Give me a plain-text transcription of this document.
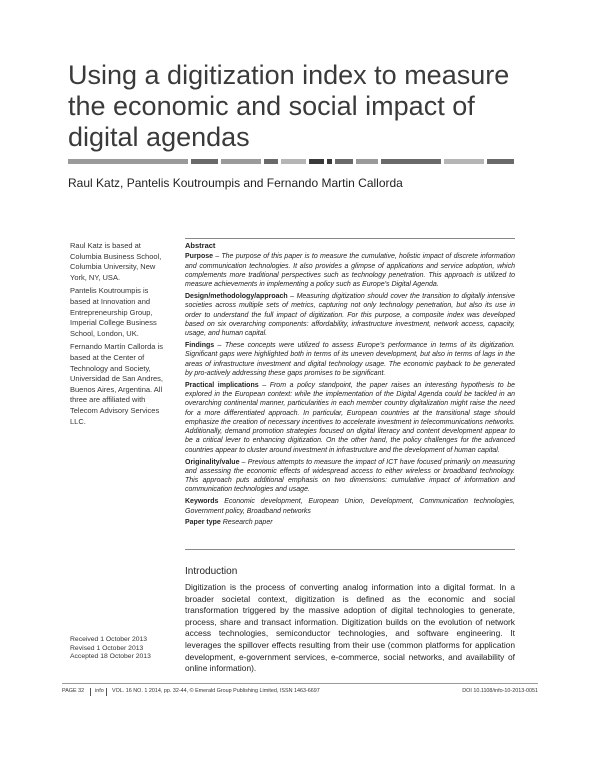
Using a digitization index to measure the economic and social impact of digital agendas
Raul Katz, Pantelis Koutroumpis and Fernando Martin Callorda

Raul Katz is based at Columbia Business School, Columbia University, New York, NY, USA.

Pantelis Koutroumpis is based at Innovation and Entrepreneurship Group, Imperial College Business School, London, UK.

Fernando Martín Callorda is based at the Center of Technology and Society, Universidad de San Andres, Buenos Aires, Argentina. All three are affiliated with Telecom Advisory Services LLC.

Abstract

Purpose – The purpose of this paper is to measure the cumulative, holistic impact of discrete information and communication technologies. It also provides a glimpse of applications and service adoption, which complements more traditional perspectives such as technology penetration. This approach is utilized to measure achievements in implementing a policy such as Europe’s Digital Agenda.

Design/methodology/approach – Measuring digitization should cover the transition to digitally intensive societies across multiple sets of metrics, capturing not only technology penetration, but also its use in order to understand the full impact of digitization. For this purpose, a composite index was developed based on six overarching components: affordability, infrastructure investment, network access, capacity, usage, and human capital.

Findings – These concepts were utilized to assess Europe’s performance in terms of its digitization. Significant gaps were highlighted both in terms of its uneven development, but also in terms of lags in the areas of infrastructure investment and digital technology usage. The economic payback to be generated by pro-actively addressing these gaps promises to be significant.

Practical implications – From a policy standpoint, the paper raises an interesting hypothesis to be explored in the European context: while the implementation of the Digital Agenda could be tackled in an overarching continental manner, particularities in each member country digitalization might raise the need for a more differentiated approach. In particular, European countries at the transitional stage should emphasize the creation of necessary incentives to accelerate investment in telecommunications networks. Additionally, demand promotion strategies focused on digital literacy and content development appear to be a critical lever to enhancing digitization. On the other hand, the policy challenges for the advanced countries appear to cluster around investment in infrastructure and the development of human capital.

Originality/value – Previous attempts to measure the impact of ICT have focused primarily on measuring and assessing the economic effects of widespread access to either wireless or broadband technology. This approach puts additional emphasis on two dimensions: cumulative impact of information and communication technologies and usage.

Keywords Economic development, European Union, Development, Communication technologies, Government policy, Broadband networks

Paper type Research paper

Introduction

Digitization is the process of converting analog information into a digital format. In a broader societal context, digitization is defined as the economic and social transformation triggered by the massive adoption of digital technologies to generate, process, share and transact information. Digitization builds on the evolution of network access technologies, semiconductor technologies, and software engineering. It leverages the spillover effects resulting from their use (common platforms for application development, e-government services, e-commerce, social networks, and availability of online information).

Received 1 October 2013
Revised 1 October 2013
Accepted 18 October 2013
PAGE 32 info VOL. 16 NO. 1 2014, pp. 32-44, © Emerald Group Publishing Limited, ISSN 1463-6697	DOI 10.1108/info-10-2013-0051
